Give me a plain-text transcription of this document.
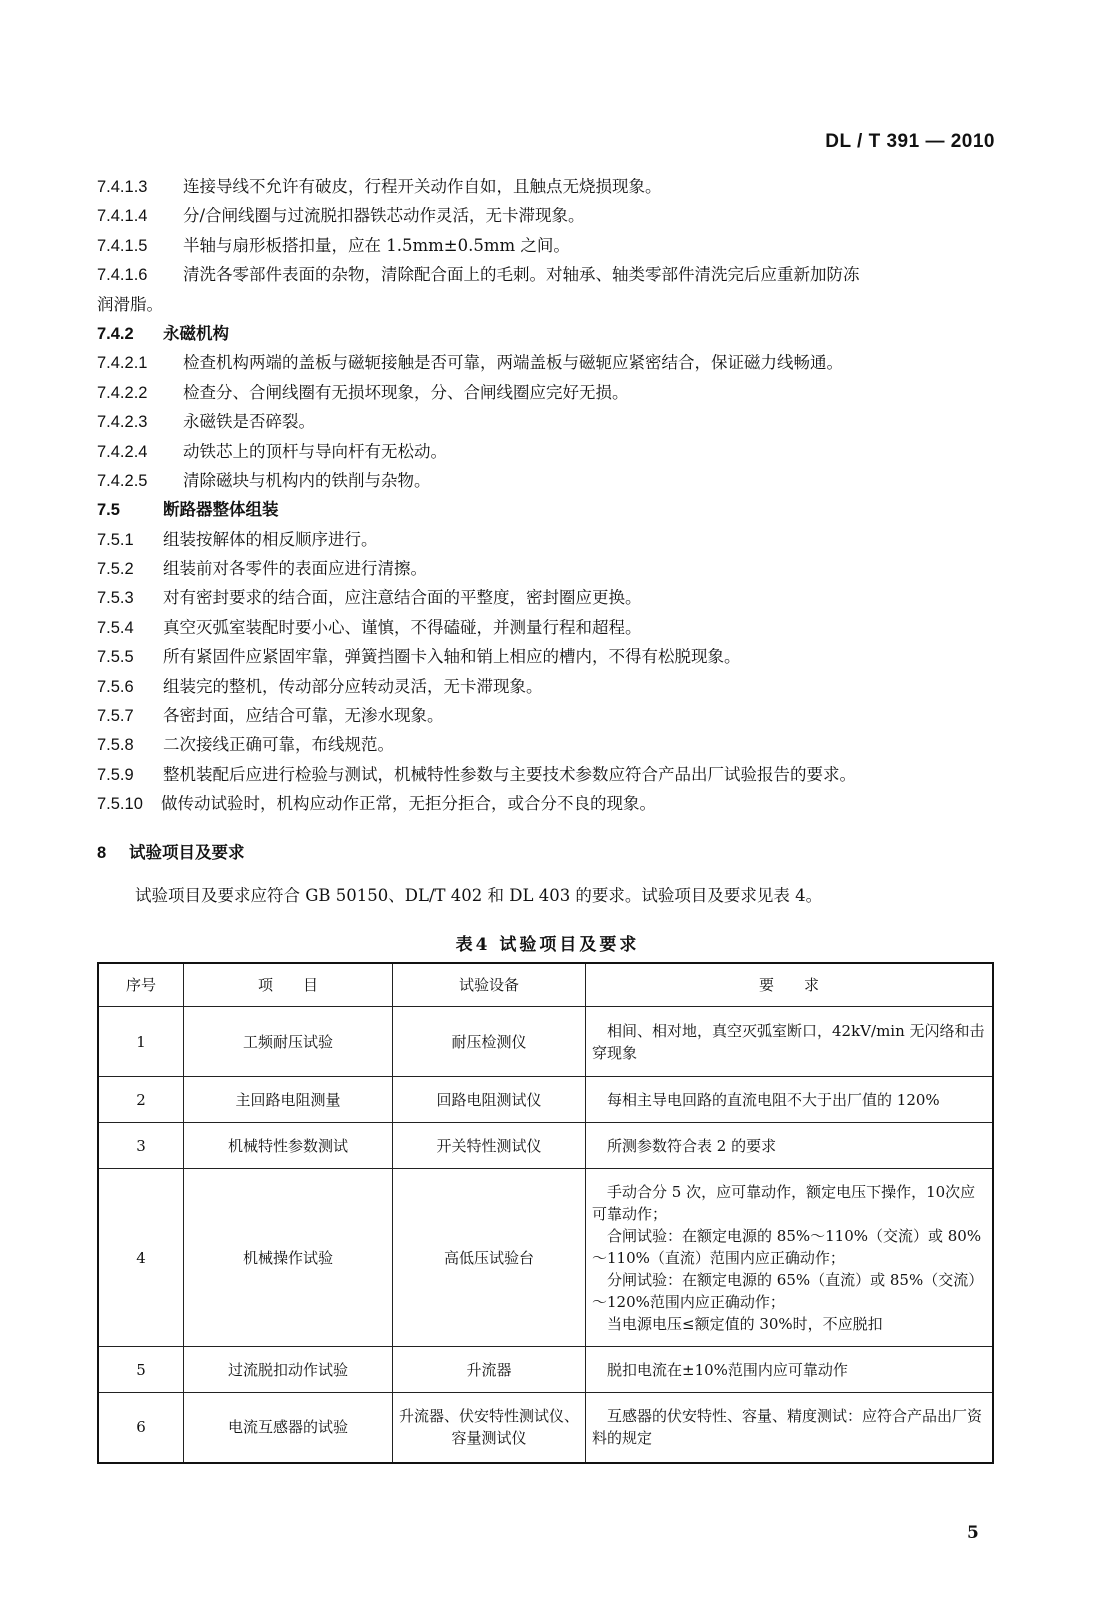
DL / T 391 — 2010
7.4.1.3 连接导线不允许有破皮，行程开关动作自如，且触点无烧损现象。
7.4.1.4 分/合闸线圈与过流脱扣器铁芯动作灵活，无卡滞现象。
7.4.1.5 半轴与扇形板搭扣量，应在 1.5mm±0.5mm 之间。
7.4.1.6 清洗各零部件表面的杂物，清除配合面上的毛刺。对轴承、轴类零部件清洗完后应重新加防冻
润滑脂。
7.4.2 永磁机构
7.4.2.1 检查机构两端的盖板与磁轭接触是否可靠，两端盖板与磁轭应紧密结合，保证磁力线畅通。
7.4.2.2 检查分、合闸线圈有无损坏现象，分、合闸线圈应完好无损。
7.4.2.3 永磁铁是否碎裂。
7.4.2.4 动铁芯上的顶杆与导向杆有无松动。
7.4.2.5 清除磁块与机构内的铁削与杂物。
7.5	断路器整体组装
7.5.1 组装按解体的相反顺序进行。
7.5.2 组装前对各零件的表面应进行清擦。
7.5.3 对有密封要求的结合面，应注意结合面的平整度，密封圈应更换。
7.5.4 真空灭弧室装配时要小心、谨慎，不得磕碰，并测量行程和超程。
7.5.5 所有紧固件应紧固牢靠，弹簧挡圈卡入轴和销上相应的槽内，不得有松脱现象。
7.5.6 组装完的整机，传动部分应转动灵活，无卡滞现象。
7.5.7 各密封面，应结合可靠，无渗水现象。
7.5.8 二次接线正确可靠，布线规范。
7.5.9 整机装配后应进行检验与测试，机械特性参数与主要技术参数应符合产品出厂试验报告的要求。
7.5.10 做传动试验时，机构应动作正常，无拒分拒合，或合分不良的现象。
8 试验项目及要求
试验项目及要求应符合 GB 50150、DL/T 402 和 DL 403 的要求。试验项目及要求见表 4。
表4 试验项目及要求
序号	项　　目	试验设备	要　　求
1	工频耐压试验	耐压检测仪	相间、相对地，真空灭弧室断口，42kV/min 无闪络和击穿现象

2	主回路电阻测量	回路电阻测试仪	每相主导电回路的直流电阻不大于出厂值的 120%

3	机械特性参数测试	开关特性测试仪	所测参数符合表 2 的要求

4	机械操作试验	高低压试验台	手动合分 5 次，应可靠动作，额定电压下操作，10次应可靠动作；
合闸试验：在额定电源的 85%～110%（交流）或 80%～110%（直流）范围内应正确动作；
分闸试验：在额定电源的 65%（直流）或 85%（交流）～120%范围内应正确动作；
当电源电压≤额定值的 30%时，不应脱扣

5	过流脱扣动作试验	升流器	脱扣电流在±10%范围内应可靠动作

6	电流互感器的试验	升流器、伏安特性测试仪、容量测试仪	互感器的伏安特性、容量、精度测试：应符合产品出厂资料的规定
5
